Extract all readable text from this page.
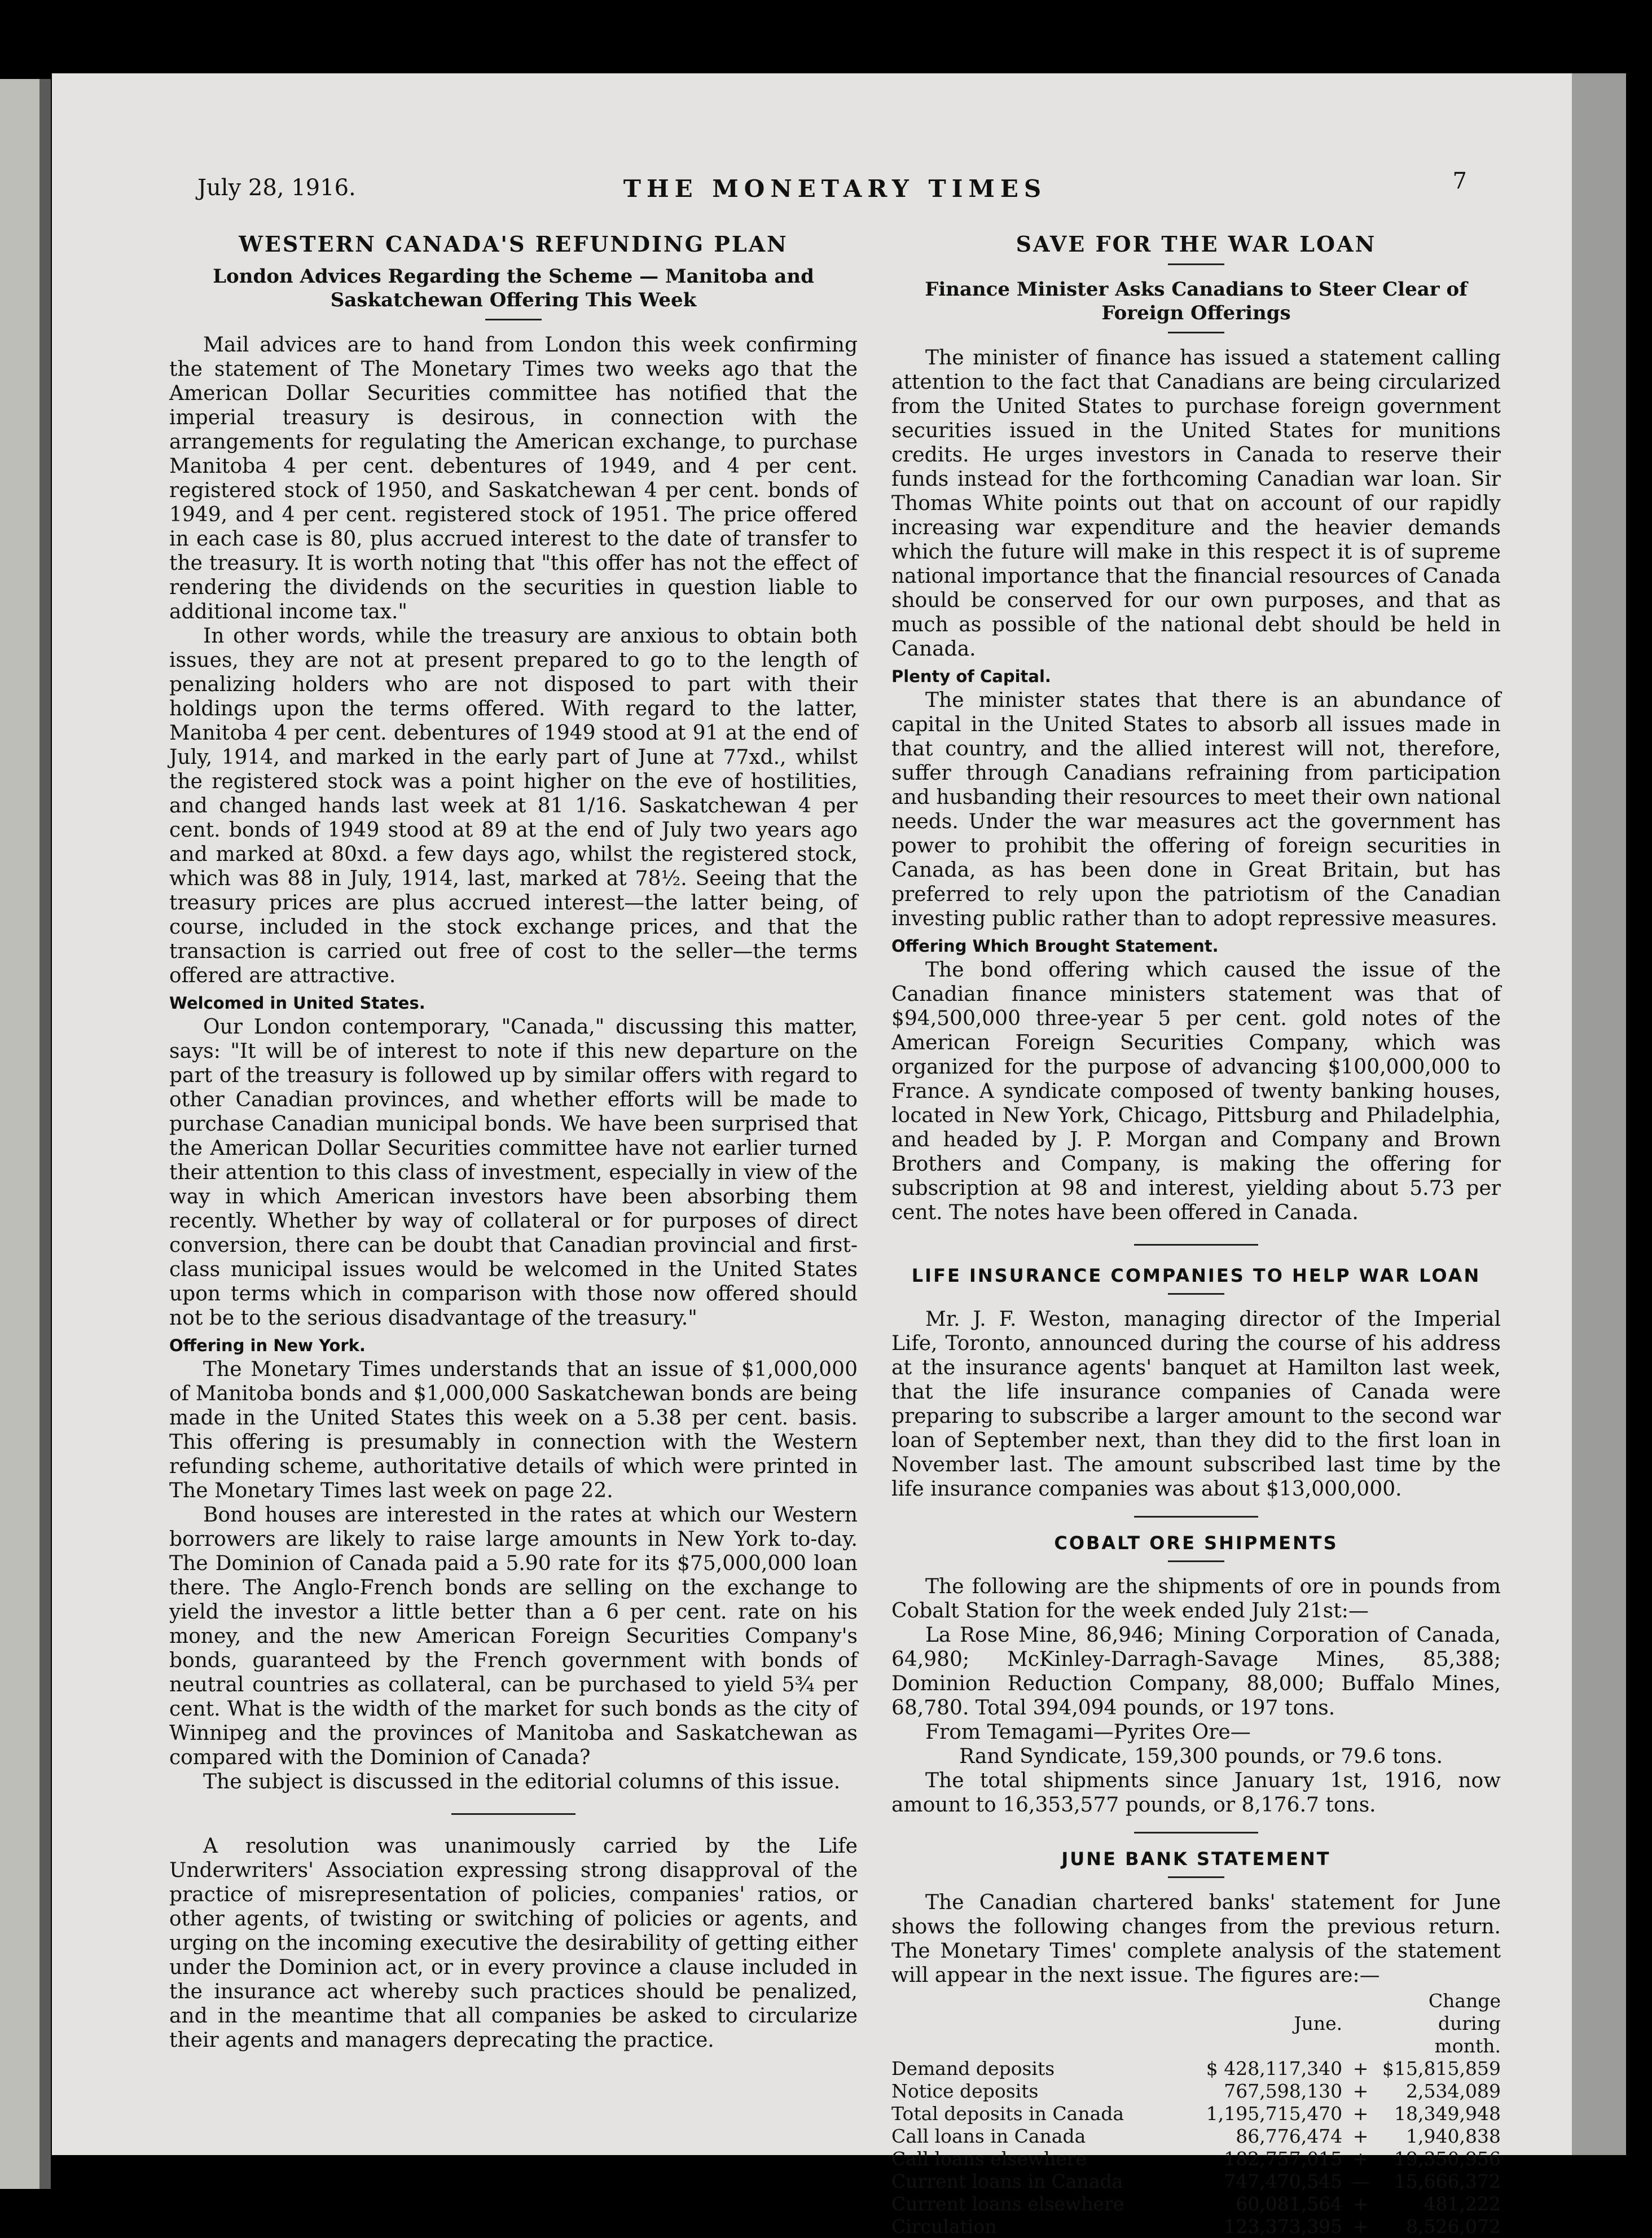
July 28, 1916.	THE MONETARY TIMES	7

WESTERN CANADA'S REFUNDING PLAN

London Advices Regarding the Scheme — Manitoba and Saskatchewan Offering This Week

Mail advices are to hand from London this week confirming the statement of The Monetary Times two weeks ago that the American Dollar Securities committee has notified that the imperial treasury is desirous, in connection with the arrangements for regulating the American exchange, to purchase Manitoba 4 per cent. debentures of 1949, and 4 per cent. registered stock of 1950, and Saskatchewan 4 per cent. bonds of 1949, and 4 per cent. registered stock of 1951. The price offered in each case is 80, plus accrued interest to the date of transfer to the treasury. It is worth noting that "this offer has not the effect of rendering the dividends on the securities in question liable to additional income tax."

In other words, while the treasury are anxious to obtain both issues, they are not at present prepared to go to the length of penalizing holders who are not disposed to part with their holdings upon the terms offered. With regard to the latter, Manitoba 4 per cent. debentures of 1949 stood at 91 at the end of July, 1914, and marked in the early part of June at 77xd., whilst the registered stock was a point higher on the eve of hostilities, and changed hands last week at 81 1/16. Saskatchewan 4 per cent. bonds of 1949 stood at 89 at the end of July two years ago and marked at 80xd. a few days ago, whilst the registered stock, which was 88 in July, 1914, last, marked at 78½. Seeing that the treasury prices are plus accrued interest—the latter being, of course, included in the stock exchange prices, and that the transaction is carried out free of cost to the seller—the terms offered are attractive.

Welcomed in United States.

Our London contemporary, "Canada," discussing this matter, says: "It will be of interest to note if this new departure on the part of the treasury is followed up by similar offers with regard to other Canadian provinces, and whether efforts will be made to purchase Canadian municipal bonds. We have been surprised that the American Dollar Securities committee have not earlier turned their attention to this class of investment, especially in view of the way in which American investors have been absorbing them recently. Whether by way of collateral or for purposes of direct conversion, there can be doubt that Canadian provincial and first-class municipal issues would be welcomed in the United States upon terms which in comparison with those now offered should not be to the serious disadvantage of the treasury."

Offering in New York.

The Monetary Times understands that an issue of $1,000,000 of Manitoba bonds and $1,000,000 Saskatchewan bonds are being made in the United States this week on a 5.38 per cent. basis. This offering is presumably in connection with the Western refunding scheme, authoritative details of which were printed in The Monetary Times last week on page 22.

Bond houses are interested in the rates at which our Western borrowers are likely to raise large amounts in New York to-day. The Dominion of Canada paid a 5.90 rate for its $75,000,000 loan there. The Anglo-French bonds are selling on the exchange to yield the investor a little better than a 6 per cent. rate on his money, and the new American Foreign Securities Company's bonds, guaranteed by the French government with bonds of neutral countries as collateral, can be purchased to yield 5¾ per cent. What is the width of the market for such bonds as the city of Winnipeg and the provinces of Manitoba and Saskatchewan as compared with the Dominion of Canada?

The subject is discussed in the editorial columns of this issue.

A resolution was unanimously carried by the Life Underwriters' Association expressing strong disapproval of the practice of misrepresentation of policies, companies' ratios, or other agents, of twisting or switching of policies or agents, and urging on the incoming executive the desirability of getting either under the Dominion act, or in every province a clause included in the insurance act whereby such practices should be penalized, and in the meantime that all companies be asked to circularize their agents and managers deprecating the practice.

SAVE FOR THE WAR LOAN

Finance Minister Asks Canadians to Steer Clear of Foreign Offerings

The minister of finance has issued a statement calling attention to the fact that Canadians are being circularized from the United States to purchase foreign government securities issued in the United States for munitions credits. He urges investors in Canada to reserve their funds instead for the forthcoming Canadian war loan. Sir Thomas White points out that on account of our rapidly increasing war expenditure and the heavier demands which the future will make in this respect it is of supreme national importance that the financial resources of Canada should be conserved for our own purposes, and that as much as possible of the national debt should be held in Canada.

Plenty of Capital.

The minister states that there is an abundance of capital in the United States to absorb all issues made in that country, and the allied interest will not, therefore, suffer through Canadians refraining from participation and husbanding their resources to meet their own national needs. Under the war measures act the government has power to prohibit the offering of foreign securities in Canada, as has been done in Great Britain, but has preferred to rely upon the patriotism of the Canadian investing public rather than to adopt repressive measures.

Offering Which Brought Statement.

The bond offering which caused the issue of the Canadian finance ministers statement was that of $94,500,000 three-year 5 per cent. gold notes of the American Foreign Securities Company, which was organized for the purpose of advancing $100,000,000 to France. A syndicate composed of twenty banking houses, located in New York, Chicago, Pittsburg and Philadelphia, and headed by J. P. Morgan and Company and Brown Brothers and Company, is making the offering for subscription at 98 and interest, yielding about 5.73 per cent. The notes have been offered in Canada.

LIFE INSURANCE COMPANIES TO HELP WAR LOAN

Mr. J. F. Weston, managing director of the Imperial Life, Toronto, announced during the course of his address at the insurance agents' banquet at Hamilton last week, that the life insurance companies of Canada were preparing to subscribe a larger amount to the second war loan of September next, than they did to the first loan in November last. The amount subscribed last time by the life insurance companies was about $13,000,000.

COBALT ORE SHIPMENTS

The following are the shipments of ore in pounds from Cobalt Station for the week ended July 21st:—

La Rose Mine, 86,946; Mining Corporation of Canada, 64,980; McKinley-Darragh-Savage Mines, 85,388; Dominion Reduction Company, 88,000; Buffalo Mines, 68,780. Total 394,094 pounds, or 197 tons.

From Temagami—Pyrites Ore—

Rand Syndicate, 159,300 pounds, or 79.6 tons.

The total shipments since January 1st, 1916, now amount to 16,353,577 pounds, or 8,176.7 tons.

JUNE BANK STATEMENT

The Canadian chartered banks' statement for June shows the following changes from the previous return. The Monetary Times' complete analysis of the statement will appear in the next issue. The figures are:—

	June.		Change during month.
Demand deposits	$ 428,117,340	+	$15,815,859
Notice deposits	767,598,130	+	2,534,089
Total deposits in Canada	1,195,715,470	+	18,349,948
Call loans in Canada	86,776,474	+	1,940,838
Call loans elsewhere	182,757,015	+	19,350,956
Current loans in Canada	747,470,545	—	15,666,372
Current loans elsewhere	60,081,564	+	481,222
Circulation	123,373,395	+	8,526,072
